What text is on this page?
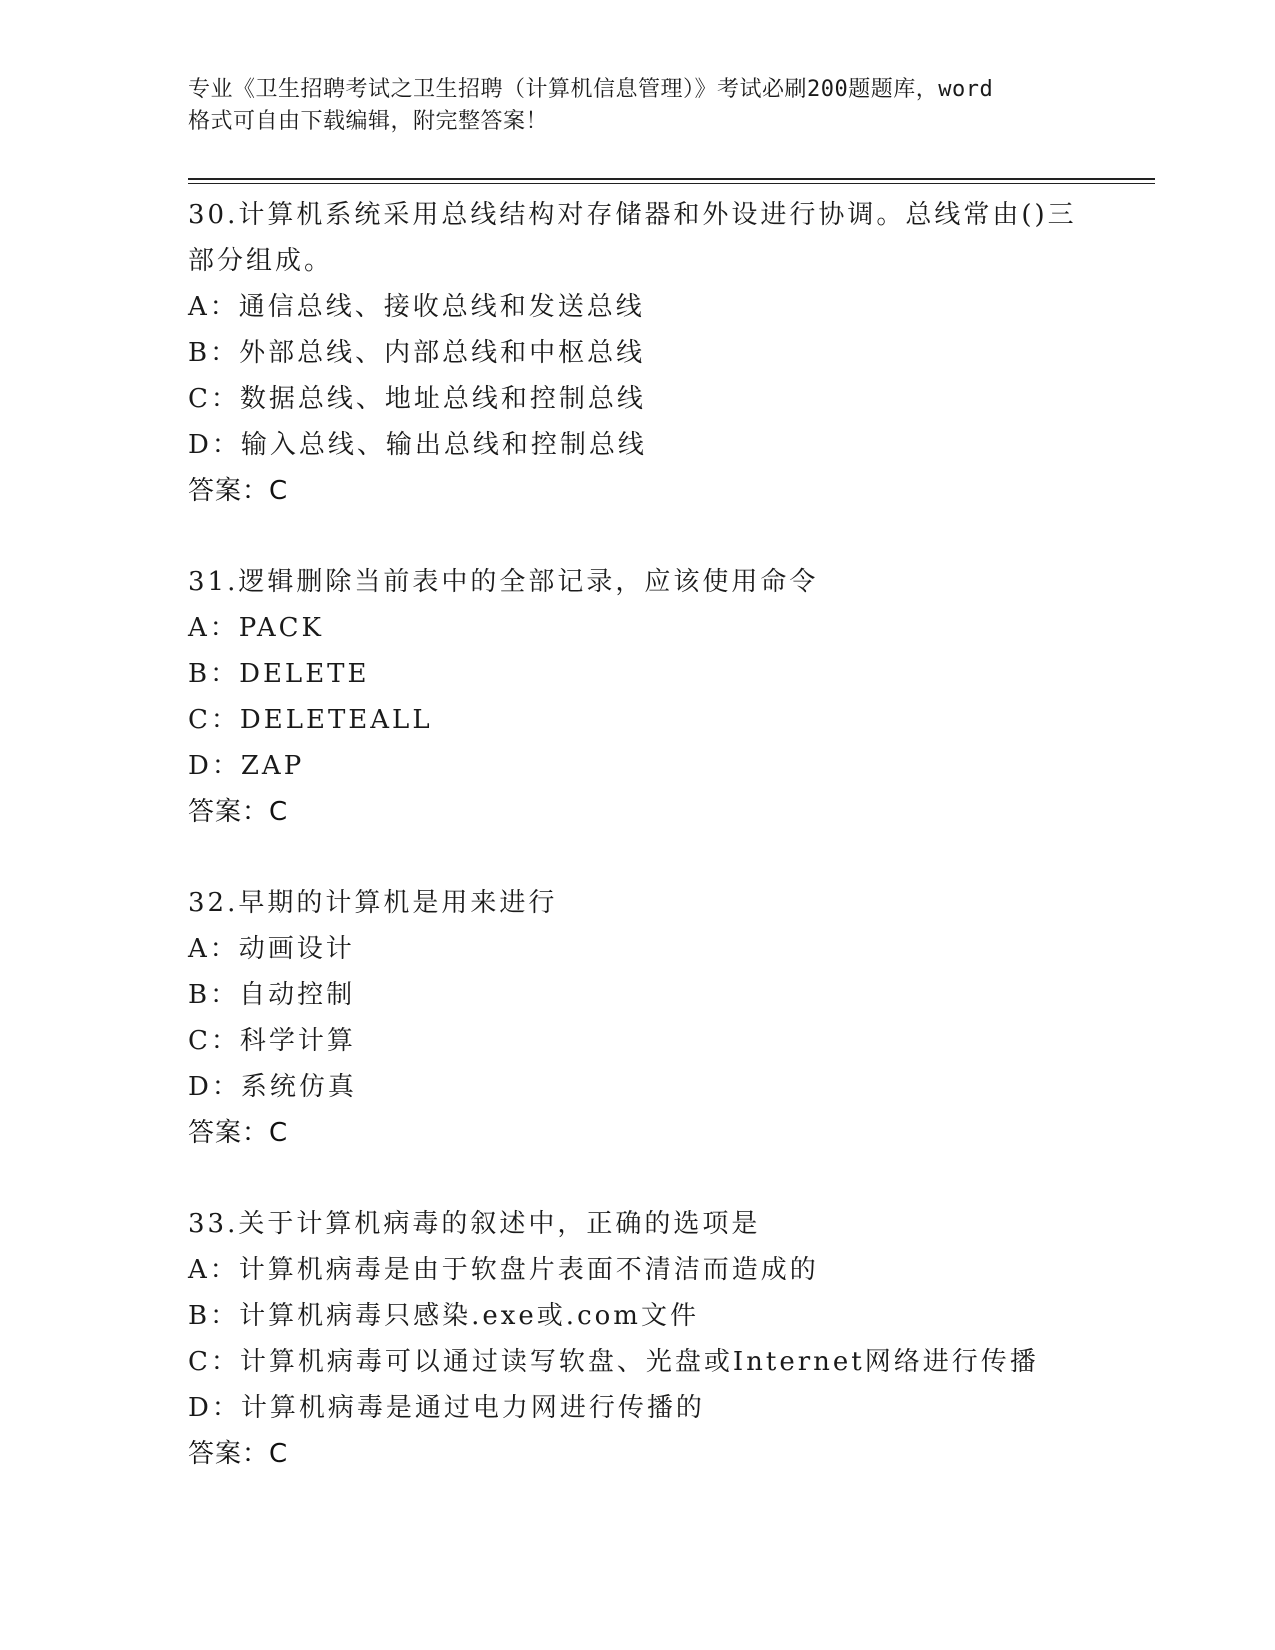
专业《卫生招聘考试之卫生招聘（计算机信息管理）》考试必刷200题题库，word
格式可自由下载编辑，附完整答案！
30.计算机系统采用总线结构对存储器和外设进行协调。总线常由()三
部分组成。
A：通信总线、接收总线和发送总线
B：外部总线、内部总线和中枢总线
C：数据总线、地址总线和控制总线
D：输入总线、输出总线和控制总线
答案：C
31.逻辑删除当前表中的全部记录，应该使用命令
A：PACK
B：DELETE
C：DELETEALL
D：ZAP
答案：C
32.早期的计算机是用来进行
A：动画设计
B：自动控制
C：科学计算
D：系统仿真
答案：C
33.关于计算机病毒的叙述中，正确的选项是
A：计算机病毒是由于软盘片表面不清洁而造成的
B：计算机病毒只感染.exe或.com文件
C：计算机病毒可以通过读写软盘、光盘或Internet网络进行传播
D：计算机病毒是通过电力网进行传播的
答案：C
